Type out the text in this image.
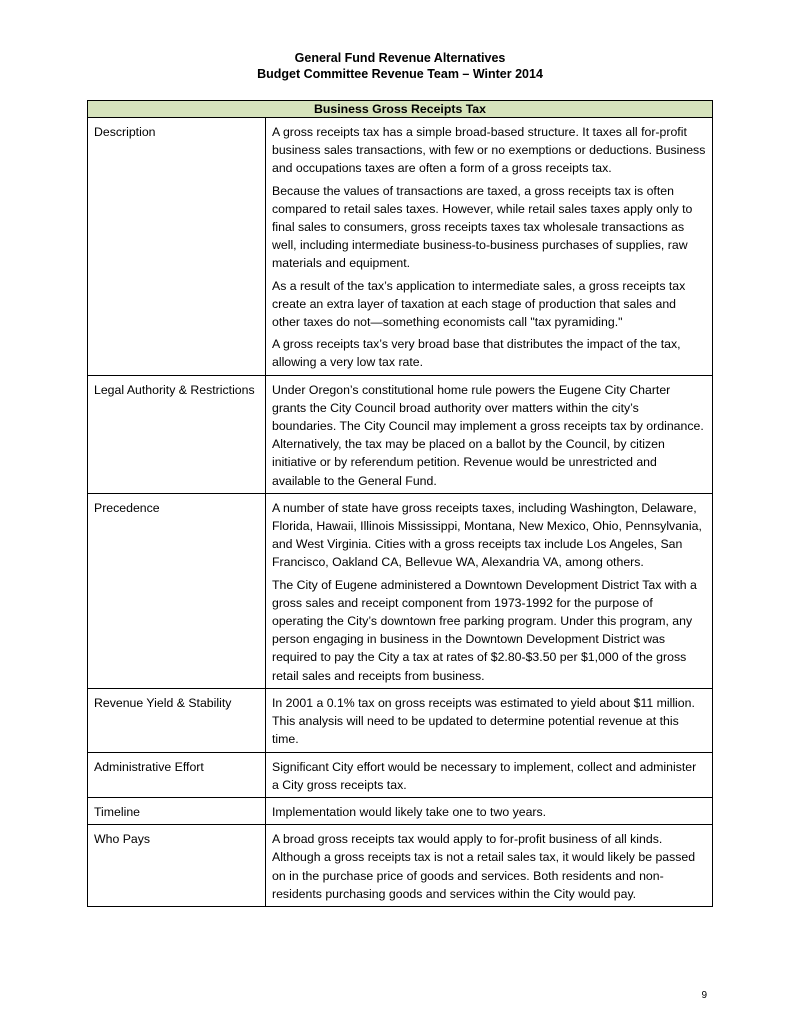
General Fund Revenue Alternatives
Budget Committee Revenue Team – Winter 2014
Business Gross Receipts Tax	
Description	A gross receipts tax has a simple broad-based structure. It taxes all for-profit business sales transactions, with few or no exemptions or deductions. Business and occupations taxes are often a form of a gross receipts tax.

Because the values of transactions are taxed, a gross receipts tax is often compared to retail sales taxes. However, while retail sales taxes apply only to final sales to consumers, gross receipts taxes tax wholesale transactions as well, including intermediate business-to-business purchases of supplies, raw materials and equipment.

As a result of the tax’s application to intermediate sales, a gross receipts tax create an extra layer of taxation at each stage of production that sales and other taxes do not—something economists call "tax pyramiding."

A gross receipts tax’s very broad base that distributes the impact of the tax, allowing a very low tax rate.

Legal Authority & Restrictions	Under Oregon’s constitutional home rule powers the Eugene City Charter grants the City Council broad authority over matters within the city’s boundaries. The City Council may implement a gross receipts tax by ordinance. Alternatively, the tax may be placed on a ballot by the Council, by citizen initiative or by referendum petition. Revenue would be unrestricted and available to the General Fund.

Precedence	A number of state have gross receipts taxes, including Washington, Delaware, Florida, Hawaii, Illinois Mississippi, Montana, New Mexico, Ohio, Pennsylvania, and West Virginia. Cities with a gross receipts tax include Los Angeles, San Francisco, Oakland CA, Bellevue WA, Alexandria VA, among others.

The City of Eugene administered a Downtown Development District Tax with a gross sales and receipt component from 1973-1992 for the purpose of operating the City’s downtown free parking program. Under this program, any person engaging in business in the Downtown Development District was required to pay the City a tax at rates of $2.80-$3.50 per $1,000 of the gross retail sales and receipts from business.

Revenue Yield & Stability	In 2001 a 0.1% tax on gross receipts was estimated to yield about $11 million. This analysis will need to be updated to determine potential revenue at this time.

Administrative Effort	Significant City effort would be necessary to implement, collect and administer a City gross receipts tax.

Timeline	Implementation would likely take one to two years.

Who Pays	A broad gross receipts tax would apply to for-profit business of all kinds. Although a gross receipts tax is not a retail sales tax, it would likely be passed on in the purchase price of goods and services. Both residents and non-residents purchasing goods and services within the City would pay.

9
